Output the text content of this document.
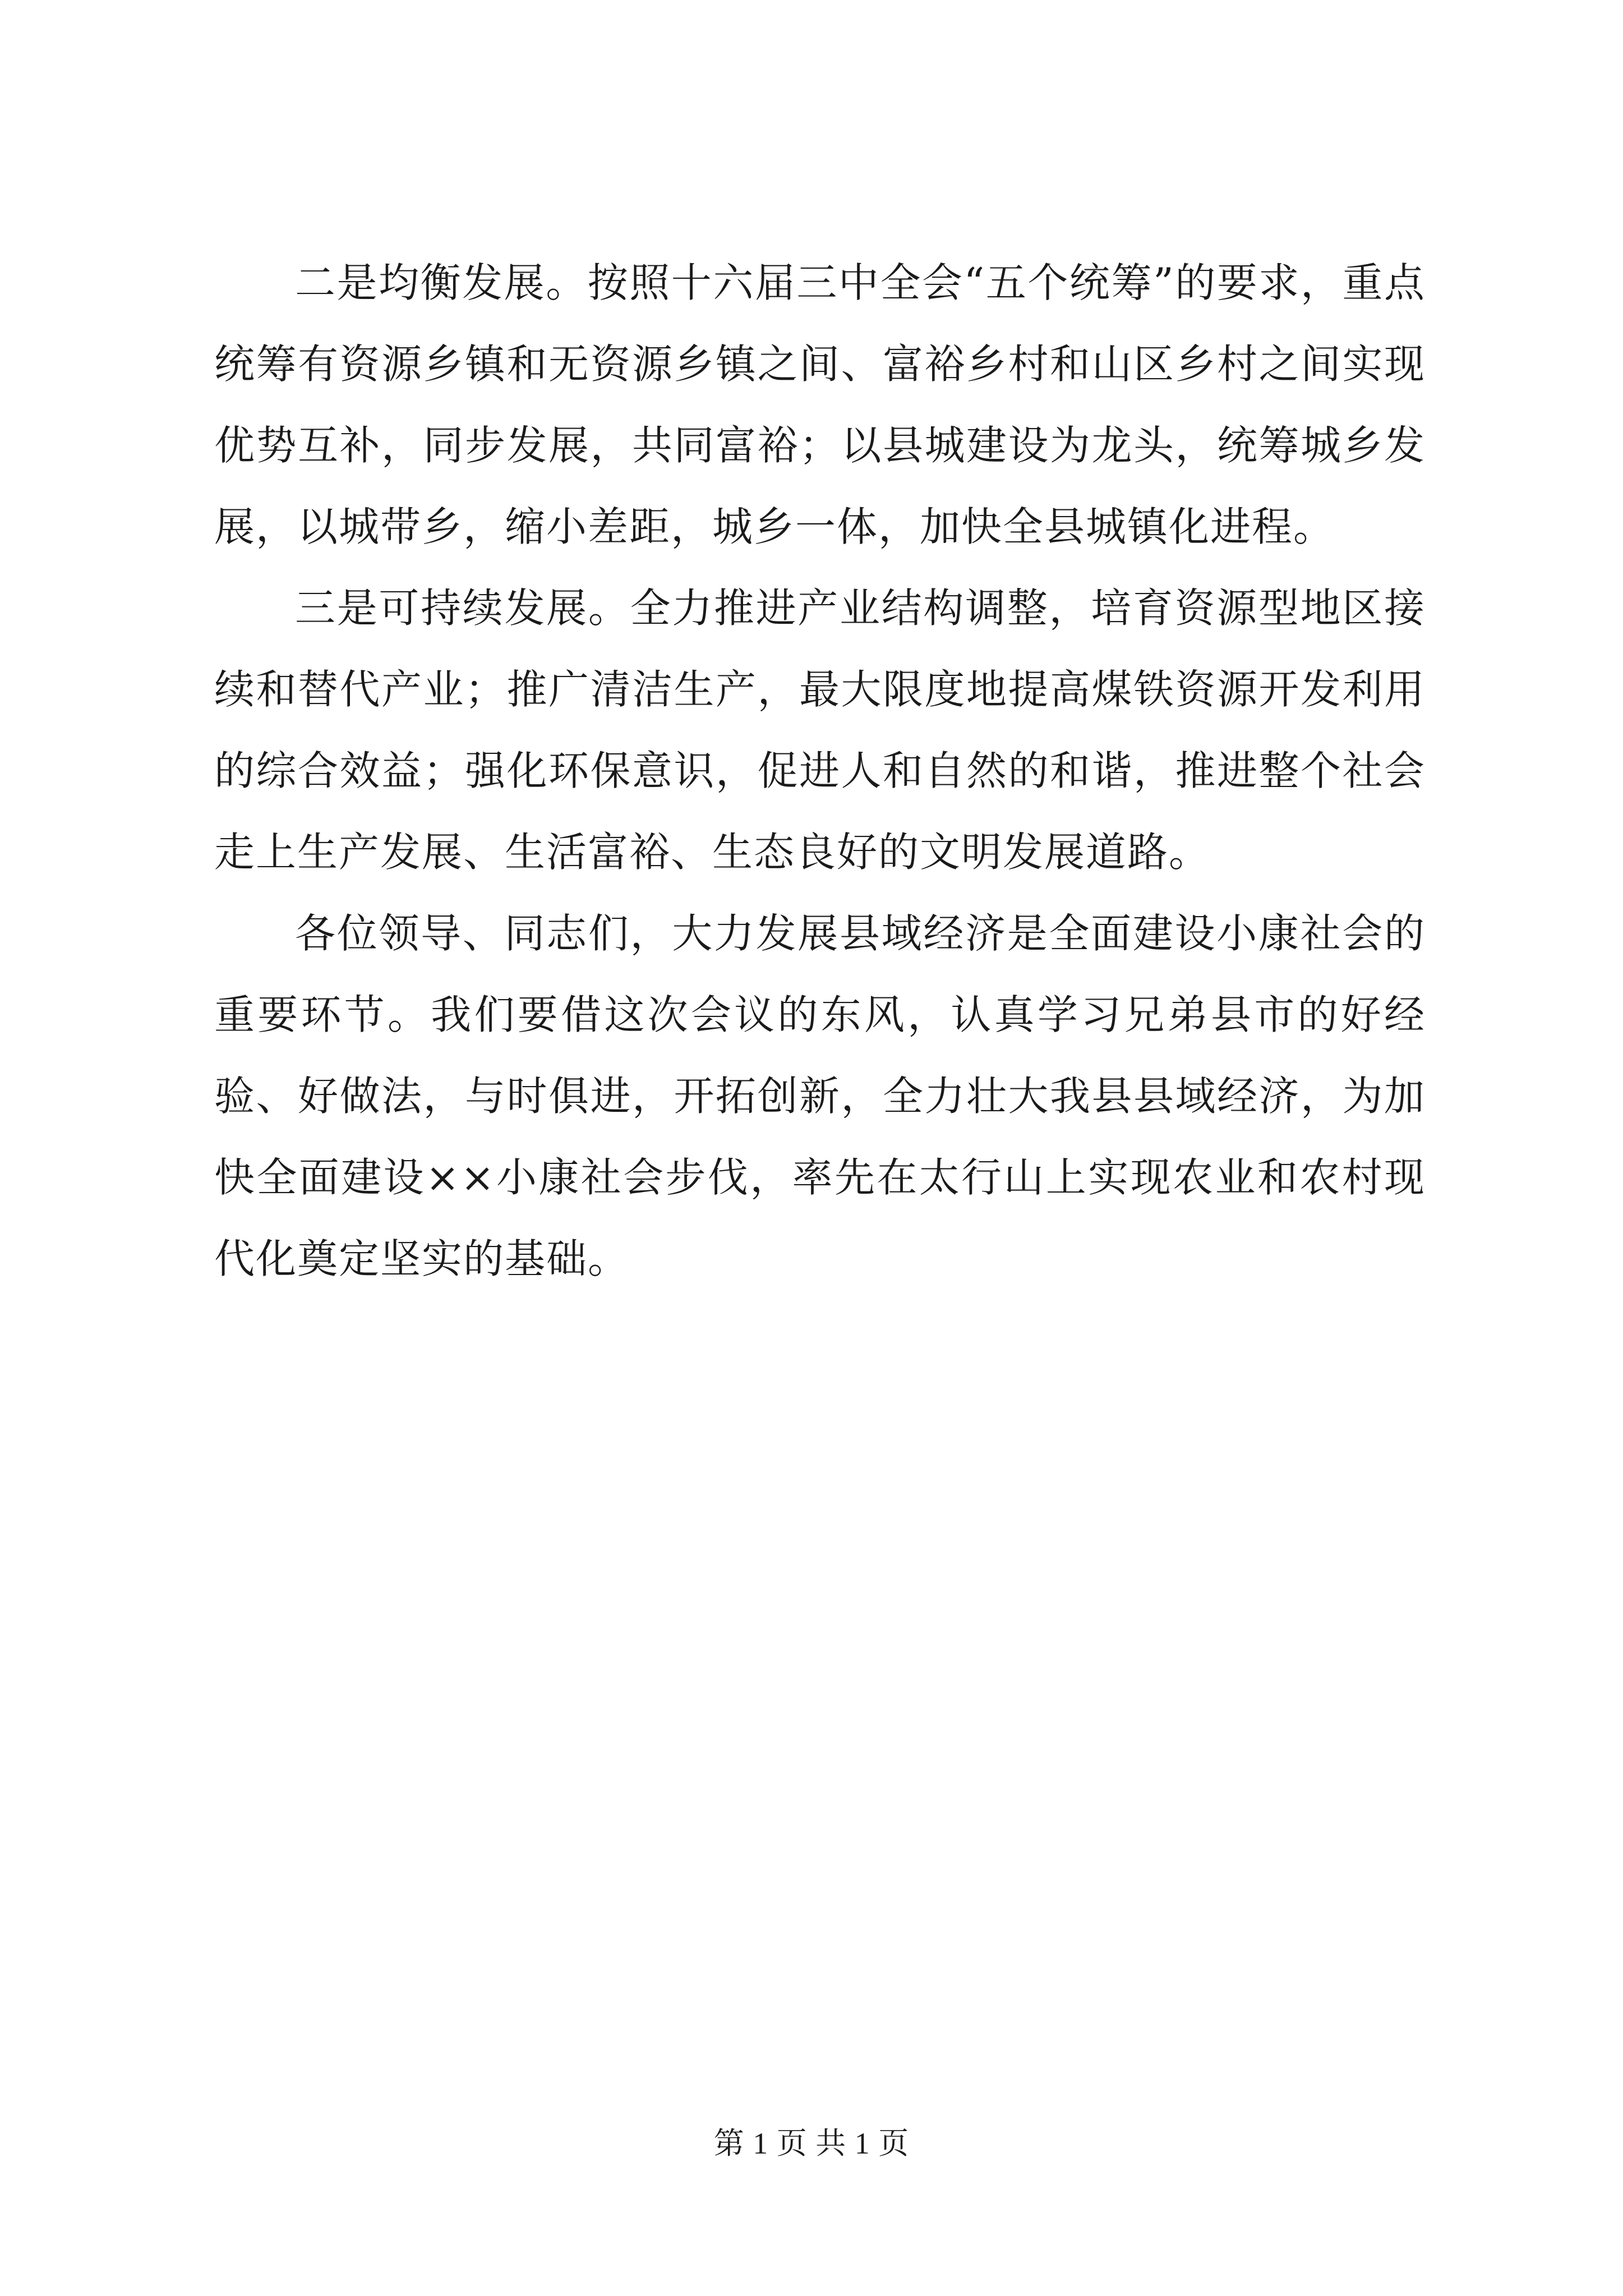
二是均衡发展。按照十六届三中全会“五个统筹”的要求，重点统筹有资源乡镇和无资源乡镇之间、富裕乡村和山区乡村之间实现优势互补，同步发展，共同富裕；以县城建设为龙头，统筹城乡发展，以城带乡，缩小差距，城乡一体，加快全县城镇化进程。

三是可持续发展。全力推进产业结构调整，培育资源型地区接续和替代产业；推广清洁生产，最大限度地提高煤铁资源开发利用的综合效益；强化环保意识，促进人和自然的和谐，推进整个社会走上生产发展、生活富裕、生态良好的文明发展道路。

各位领导、同志们，大力发展县域经济是全面建设小康社会的重要环节。我们要借这次会议的东风，认真学习兄弟县市的好经验、好做法，与时俱进，开拓创新，全力壮大我县县域经济，为加快全面建设××小康社会步伐，率先在太行山上实现农业和农村现代化奠定坚实的基础。

第 1 页 共 1 页
